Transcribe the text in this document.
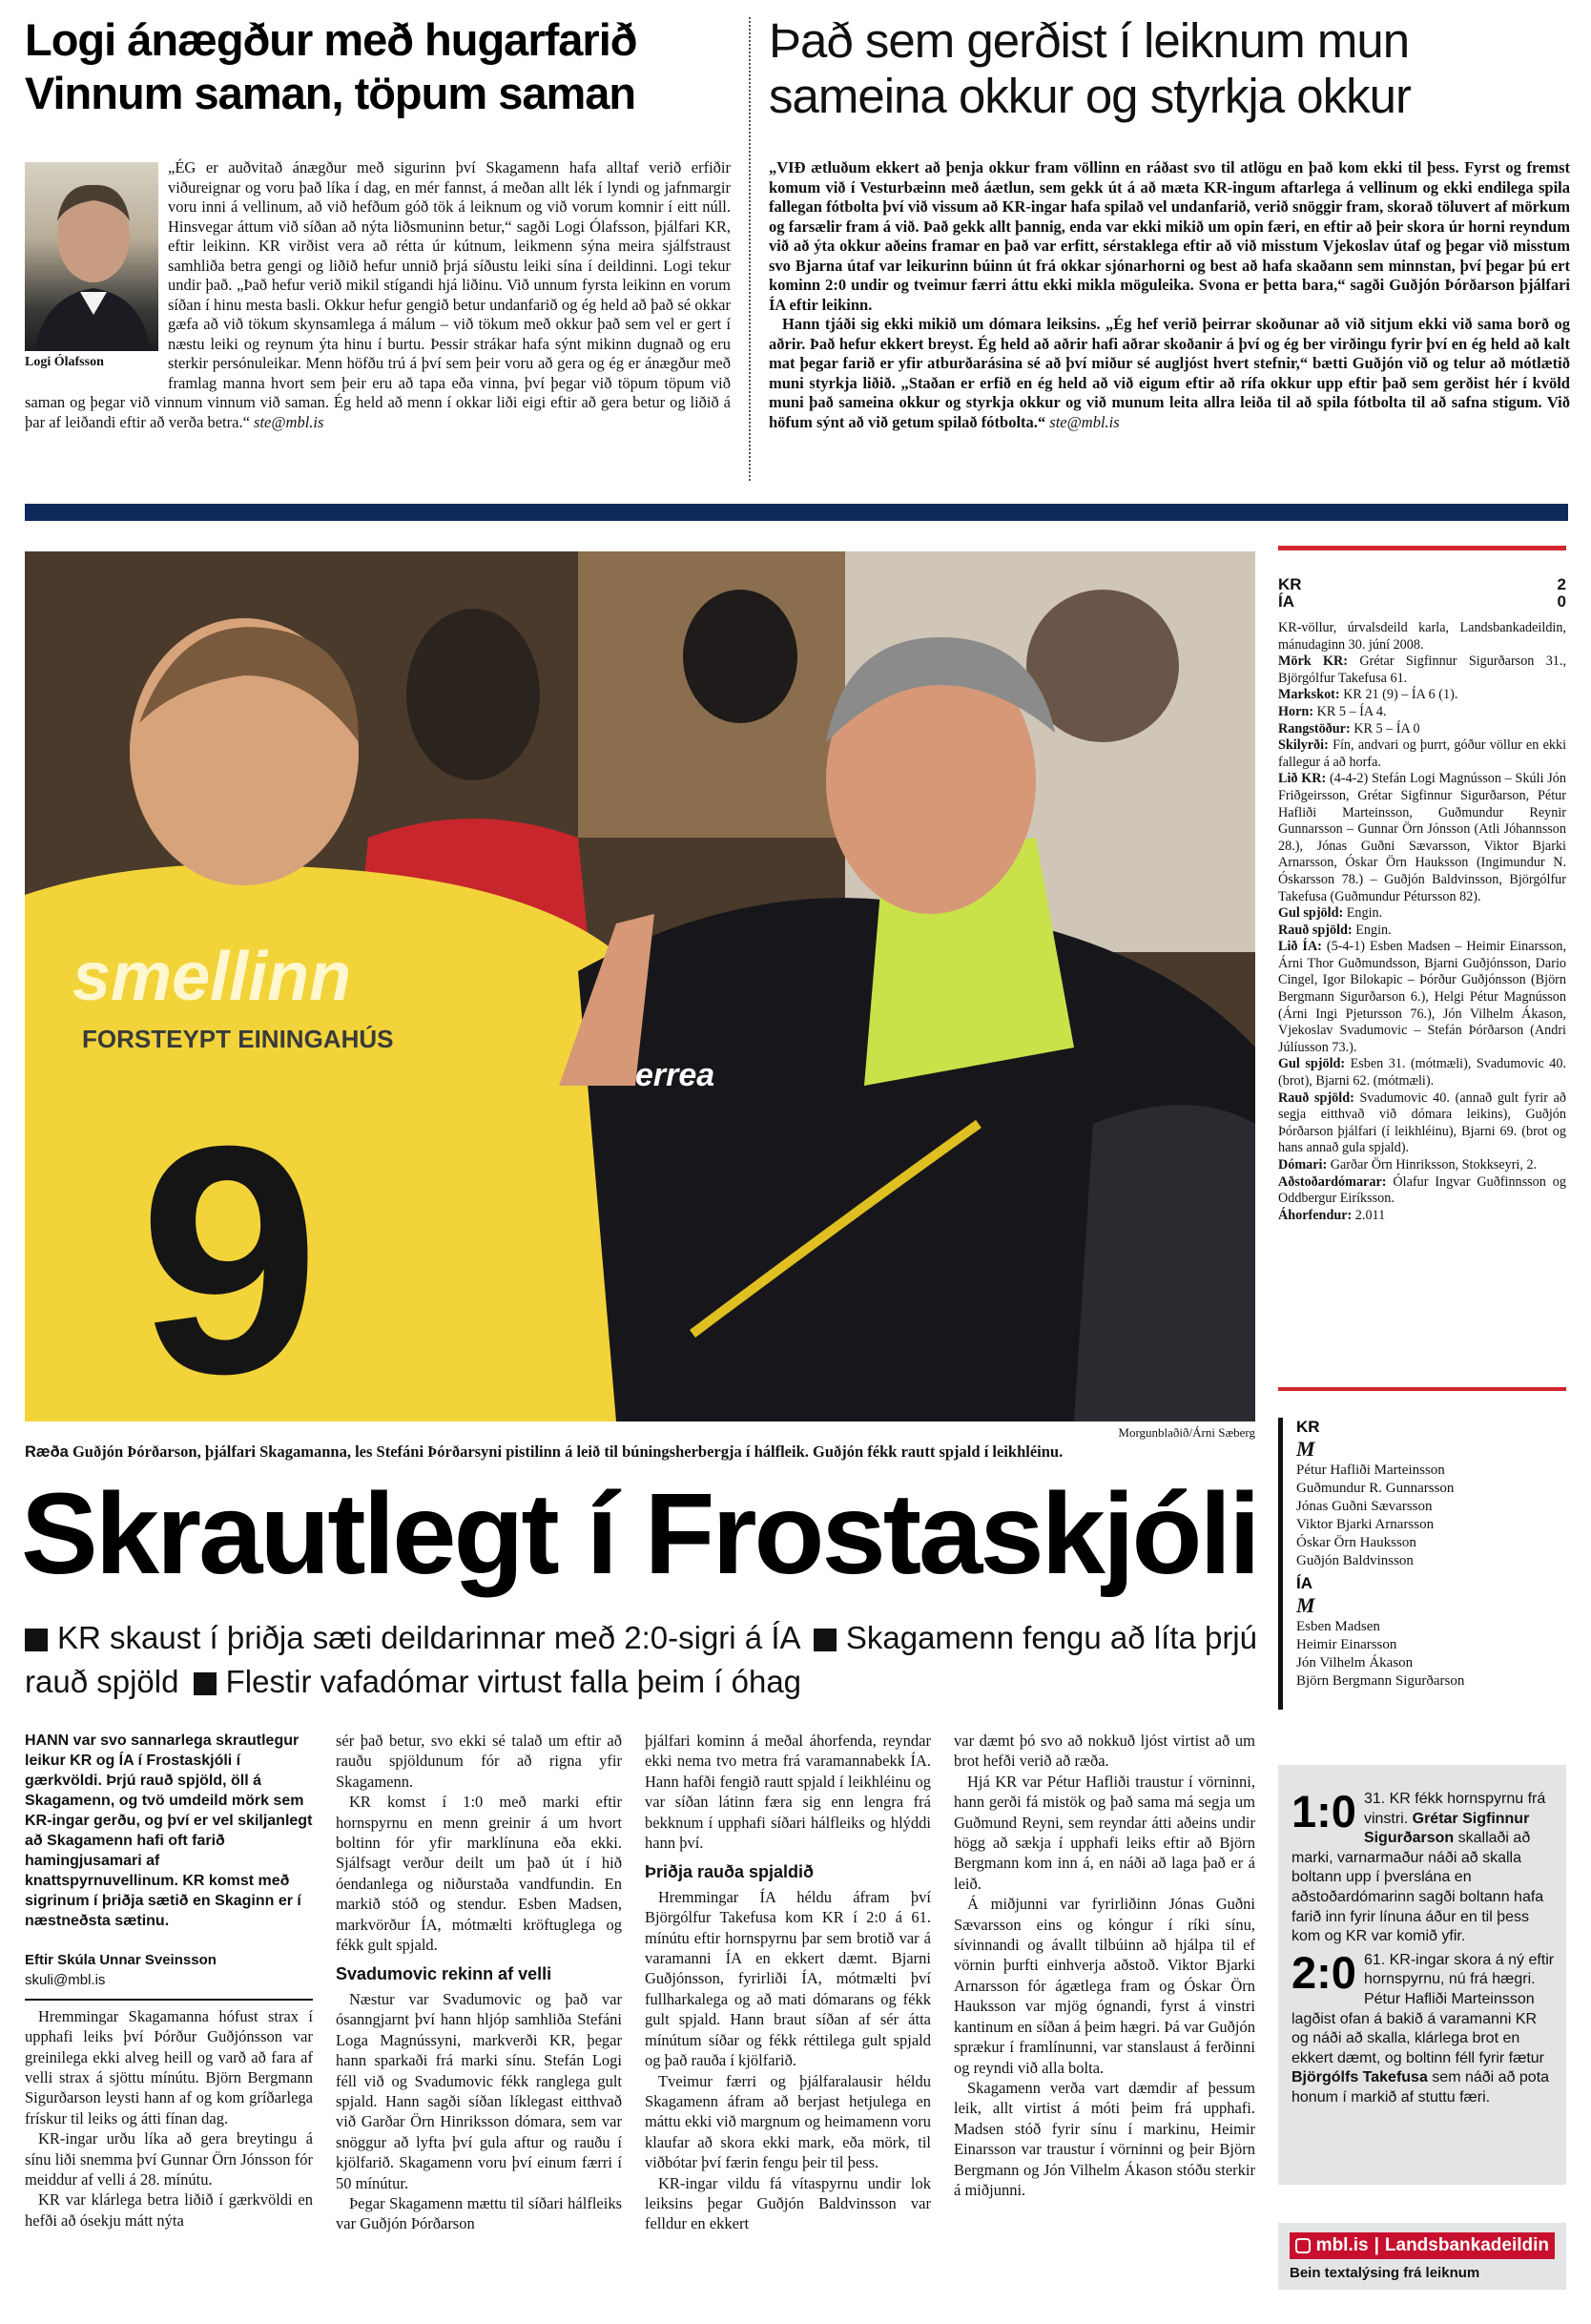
Logi ánægður með hugarfarið
Vinnum saman, töpum saman
Logi Ólafsson
„ÉG er auðvitað ánægður með sigurinn því Skagamenn hafa alltaf verið erfiðir viðureignar og voru það líka í dag, en mér fannst, á meðan allt lék í lyndi og jafnmargir voru inni á vellinum, að við hefðum góð tök á leiknum og við vorum komnir í eitt núll. Hinsvegar áttum við síðan að nýta liðsmuninn betur,“ sagði Logi Ólafsson, þjálfari KR, eftir leikinn. KR virðist vera að rétta úr kútnum, leikmenn sýna meira sjálfstraust samhliða betra gengi og liðið hefur unnið þrjá síðustu leiki sína í deildinni. Logi tekur undir það. „Það hefur verið mikil stígandi hjá liðinu. Við unnum fyrsta leikinn en vorum síðan í hinu mesta basli. Okkur hefur gengið betur undanfarið og ég held að það sé okkar gæfa að við tökum skynsamlega á málum – við tökum með okkur það sem vel er gert í næstu leiki og reynum ýta hinu í burtu. Þessir strákar hafa sýnt mikinn dugnað og eru sterkir persónuleikar. Menn höfðu trú á því sem þeir voru að gera og ég er ánægður með framlag manna hvort sem þeir eru að tapa eða vinna, því þegar við töpum töpum við saman og þegar við vinnum vinnum við saman. Ég held að menn í okkar liði eigi eftir að gera betur og liðið á þar af leiðandi eftir að verða betra.“ ste@mbl.is
Það sem gerðist í leiknum mun
sameina okkur og styrkja okkur

„VIÐ ætluðum ekkert að þenja okkur fram völlinn en ráðast svo til atlögu en það kom ekki til þess. Fyrst og fremst komum við í Vesturbæinn með áætlun, sem gekk út á að mæta KR-ingum aftarlega á vellinum og ekki endilega spila fallegan fótbolta því við vissum að KR-ingar hafa spilað vel undanfarið, verið snöggir fram, skorað töluvert af mörkum og farsælir fram á við. Það gekk allt þannig, enda var ekki mikið um opin færi, en eftir að þeir skora úr horni reyndum við að ýta okkur aðeins framar en það var erfitt, sérstaklega eftir að við misstum Vjekoslav útaf og þegar við misstum svo Bjarna útaf var leikurinn búinn út frá okkar sjónarhorni og best að hafa skaðann sem minnstan, því þegar þú ert kominn 2:0 undir og tveimur færri áttu ekki mikla möguleika. Svona er þetta bara,“ sagði Guðjón Þórðarson þjálfari ÍA eftir leikinn.

Hann tjáði sig ekki mikið um dómara leiksins. „Ég hef verið þeirrar skoðunar að við sitjum ekki við sama borð og aðrir. Það hefur ekkert breyst. Ég held að aðrir hafi aðrar skoðanir á því og ég ber virðingu fyrir því en ég held að kalt mat þegar farið er yfir atburðarásina sé að því miður sé augljóst hvert stefnir,“ bætti Guðjón við og telur að mótlætið muni styrkja liðið. „Staðan er erfið en ég held að við eigum eftir að rífa okkur upp eftir það sem gerðist hér í kvöld muni það sameina okkur og styrkja okkur og við munum leita allra leiða til að spila fótbolta til að safna stigum. Við höfum sýnt að við getum spilað fótbolta.“ ste@mbl.is

smellinn
FORSTEYPT EININGAHÚS
9
errea
Morgunblaðið/Árni Sæberg
Ræða Guðjón Þórðarson, þjálfari Skagamanna, les Stefáni Þórðarsyni pistilinn á leið til búningsherbergja í hálfleik. Guðjón fékk rautt spjald í leikhléinu.
Skrautlegt í Frostaskjóli
KR skaust í þriðja sæti deildarinnar með 2:0-sigri á ÍA Skagamenn fengu að líta þrjú rauð spjöld Flestir vafadómar virtust falla þeim í óhag

HANN var svo sannarlega skrautlegur leikur KR og ÍA í Frostaskjóli í gærkvöldi. Þrjú rauð spjöld, öll á Skagamenn, og tvö umdeild mörk sem KR-ingar gerðu, og því er vel skiljanlegt að Skagamenn hafi oft farið hamingjusamari af knattspyrnuvellinum. KR komst með sigrinum í þriðja sætið en Skaginn er í næstneðsta sætinu.

Eftir Skúla Unnar Sveinsson

skuli@mbl.is

Hremmingar Skagamanna hófust strax í upphafi leiks því Þórður Guðjónsson var greinilega ekki alveg heill og varð að fara af velli strax á sjöttu mínútu. Björn Bergmann Sigurðarson leysti hann af og kom gríðarlega frískur til leiks og átti fínan dag.

KR-ingar urðu líka að gera breytingu á sínu liði snemma því Gunnar Örn Jónsson fór meiddur af velli á 28. mínútu.

KR var klárlega betra liðið í gærkvöldi en hefði að ósekju mátt nýta

sér það betur, svo ekki sé talað um eftir að rauðu spjöldunum fór að rigna yfir Skagamenn.

KR komst í 1:0 með marki eftir hornspyrnu en menn greinir á um hvort boltinn fór yfir marklínuna eða ekki. Sjálfsagt verður deilt um það út í hið óendanlega og niðurstaða vandfundin. En markið stóð og stendur. Esben Madsen, markvörður ÍA, mótmælti kröftuglega og fékk gult spjald.

Svadumovic rekinn af velli

Næstur var Svadumovic og það var ósanngjarnt því hann hljóp samhliða Stefáni Loga Magnússyni, markverði KR, þegar hann sparkaði frá marki sínu. Stefán Logi féll við og Svadumovic fékk ranglega gult spjald. Hann sagði síðan líklegast eitthvað við Garðar Örn Hinriksson dómara, sem var snöggur að lyfta því gula aftur og rauðu í kjölfarið. Skagamenn voru því einum færri í 50 mínútur.

Þegar Skagamenn mættu til síðari hálfleiks var Guðjón Þórðarson

þjálfari kominn á meðal áhorfenda, reyndar ekki nema tvo metra frá varamannabekk ÍA. Hann hafði fengið rautt spjald í leikhléinu og var síðan látinn færa sig enn lengra frá bekknum í upphafi síðari hálfleiks og hlýddi hann því.

Þriðja rauða spjaldið

Hremmingar ÍA héldu áfram því Björgólfur Takefusa kom KR í 2:0 á 61. mínútu eftir hornspyrnu þar sem brotið var á varamanni ÍA en ekkert dæmt. Bjarni Guðjónsson, fyrirliði ÍA, mótmælti því fullharkalega og að mati dómarans og fékk gult spjald. Hann braut síðan af sér átta mínútum síðar og fékk réttilega gult spjald og það rauða í kjölfarið.

Tveimur færri og þjálfaralausir héldu Skagamenn áfram að berjast hetjulega en máttu ekki við margnum og heimamenn voru klaufar að skora ekki mark, eða mörk, til viðbótar því færin fengu þeir til þess.

KR-ingar vildu fá vítaspyrnu undir lok leiksins þegar Guðjón Baldvinsson var felldur en ekkert

var dæmt þó svo að nokkuð ljóst virtist að um brot hefði verið að ræða.

Hjá KR var Pétur Hafliði traustur í vörninni, hann gerði fá mistök og það sama má segja um Guðmund Reyni, sem reyndar átti aðeins undir högg að sækja í upphafi leiks eftir að Björn Bergmann kom inn á, en náði að laga það er á leið.

Á miðjunni var fyrirliðinn Jónas Guðni Sævarsson eins og kóngur í ríki sínu, sívinnandi og ávallt tilbúinn að hjálpa til ef vörnin þurfti einhverja aðstoð. Viktor Bjarki Arnarsson fór ágætlega fram og Óskar Örn Hauksson var mjög ógnandi, fyrst á vinstri kantinum en síðan á þeim hægri. Þá var Guðjón sprækur í framlínunni, var stanslaust á ferðinni og reyndi við alla bolta.

Skagamenn verða vart dæmdir af þessum leik, allt virtist á móti þeim frá upphafi. Madsen stóð fyrir sínu í markinu, Heimir Einarsson var traustur í vörninni og þeir Björn Bergmann og Jón Vilhelm Ákason stóðu sterkir á miðjunni.

KR	2
ÍA	0

KR-völlur, úrvalsdeild karla, Landsbankadeildin, mánudaginn 30. júní 2008.

Mörk KR: Grétar Sigfinnur Sigurðarson 31., Björgólfur Takefusa 61.

Markskot: KR 21 (9) – ÍA 6 (1).

Horn: KR 5 – ÍA 4.

Rangstöður: KR 5 – ÍA 0

Skilyrði: Fín, andvari og þurrt, góður völlur en ekki fallegur á að horfa.

Lið KR: (4-4-2) Stefán Logi Magnússon – Skúli Jón Friðgeirsson, Grétar Sigfinnur Sigurðarson, Pétur Hafliði Marteinsson, Guðmundur Reynir Gunnarsson – Gunnar Örn Jónsson (Atli Jóhannsson 28.), Jónas Guðni Sævarsson, Viktor Bjarki Arnarsson, Óskar Örn Hauksson (Ingimundur N. Óskarsson 78.) – Guðjón Baldvinsson, Björgólfur Takefusa (Guðmundur Pétursson 82).

Gul spjöld: Engin.

Rauð spjöld: Engin.

Lið ÍA: (5-4-1) Esben Madsen – Heimir Einarsson, Árni Thor Guðmundsson, Bjarni Guðjónsson, Dario Cingel, Igor Bilokapic – Þórður Guðjónsson (Björn Bergmann Sigurðarson 6.), Helgi Pétur Magnússon (Árni Ingi Pjetursson 76.), Jón Vilhelm Ákason, Vjekoslav Svadumovic – Stefán Þórðarson (Andri Júlíusson 73.).

Gul spjöld: Esben 31. (mótmæli), Svadumovic 40. (brot), Bjarni 62. (mótmæli).

Rauð spjöld: Svadumovic 40. (annað gult fyrir að segja eitthvað við dómara leikins), Guðjón Þórðarson þjálfari (í leikhléinu), Bjarni 69. (brot og hans annað gula spjald).

Dómari: Garðar Örn Hinriksson, Stokkseyri, 2.

Aðstoðardómarar: Ólafur Ingvar Guðfinnsson og Oddbergur Eiríksson.

Áhorfendur: 2.011

KR
M
Pétur Hafliði Marteinsson
Guðmundur R. Gunnarsson
Jónas Guðni Sævarsson
Viktor Bjarki Arnarsson
Óskar Örn Hauksson
Guðjón Baldvinsson
ÍA
M
Esben Madsen
Heimir Einarsson
Jón Vilhelm Ákason
Björn Bergmann Sigurðarson
1:0 31. KR fékk hornspyrnu frá vinstri. Grétar Sigfinnur Sigurðarson skallaði að marki, varnarmaður náði að skalla boltann upp í þverslána en aðstoðardómarinn sagði boltann hafa farið inn fyrir línuna áður en til þess kom og KR var komið yfir.
2:0 61. KR-ingar skora á ný eftir hornspyrnu, nú frá hægri. Pétur Hafliði Marteinsson lagðist ofan á bakið á varamanni KR og náði að skalla, klárlega brot en ekkert dæmt, og boltinn féll fyrir fætur Björgólfs Takefusa sem náði að pota honum í markið af stuttu færi.
mbl.is | Landsbankadeildin
Bein textalýsing frá leiknum
